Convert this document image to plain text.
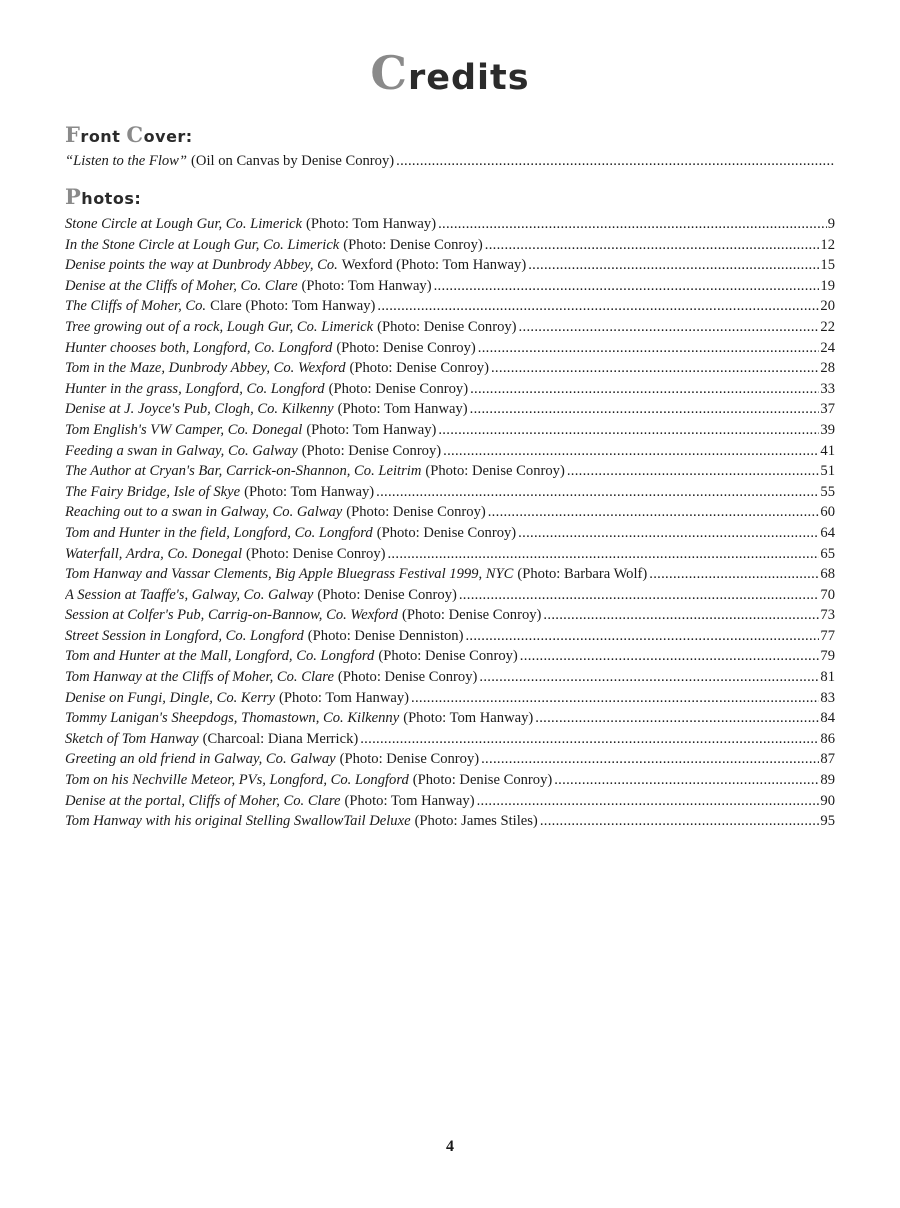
Credits
Front Cover:
“Listen to the Flow” (Oil on Canvas by Denise Conroy)
.....
Photos:
Stone Circle at Lough Gur, Co. Limerick (Photo: Tom Hanway) .....	9
In the Stone Circle at Lough Gur, Co. Limerick (Photo: Denise Conroy) .....	12
Denise points the way at Dunbrody Abbey, Co. Wexford (Photo: Tom Hanway) .....	15
Denise at the Cliffs of Moher, Co. Clare (Photo: Tom Hanway) .....	19
The Cliffs of Moher, Co. Clare (Photo: Tom Hanway) .....	20
Tree growing out of a rock, Lough Gur, Co. Limerick (Photo: Denise Conroy) .....	22
Hunter chooses both, Longford, Co. Longford (Photo: Denise Conroy) .....	24
Tom in the Maze, Dunbrody Abbey, Co. Wexford (Photo: Denise Conroy) .....	28
Hunter in the grass, Longford, Co. Longford (Photo: Denise Conroy) .....	33
Denise at J. Joyce's Pub, Clogh, Co. Kilkenny (Photo: Tom Hanway) .....	37
Tom English's VW Camper, Co. Donegal (Photo: Tom Hanway) .....	39
Feeding a swan in Galway, Co. Galway (Photo: Denise Conroy) .....	41
The Author at Cryan's Bar, Carrick-on-Shannon, Co. Leitrim (Photo: Denise Conroy) .....	51
The Fairy Bridge, Isle of Skye (Photo: Tom Hanway) .....	55
Reaching out to a swan in Galway, Co. Galway (Photo: Denise Conroy) .....	60
Tom and Hunter in the field, Longford, Co. Longford (Photo: Denise Conroy) .....	64
Waterfall, Ardra, Co. Donegal (Photo: Denise Conroy) .....	65
Tom Hanway and Vassar Clements, Big Apple Bluegrass Festival 1999, NYC (Photo: Barbara Wolf) .....	68
A Session at Taaffe's, Galway, Co. Galway (Photo: Denise Conroy) .....	70
Session at Colfer's Pub, Carrig-on-Bannow, Co. Wexford (Photo: Denise Conroy) .....	73
Street Session in Longford, Co. Longford (Photo: Denise Denniston) .....	77
Tom and Hunter at the Mall, Longford, Co. Longford (Photo: Denise Conroy) .....	79
Tom Hanway at the Cliffs of Moher, Co. Clare (Photo: Denise Conroy) .....	81
Denise on Fungi, Dingle, Co. Kerry (Photo: Tom Hanway) .....	83
Tommy Lanigan's Sheepdogs, Thomastown, Co. Kilkenny (Photo: Tom Hanway) .....	84
Sketch of Tom Hanway (Charcoal: Diana Merrick) .....	86
Greeting an old friend in Galway, Co. Galway (Photo: Denise Conroy) .....	87
Tom on his Nechville Meteor, PVs, Longford, Co. Longford (Photo: Denise Conroy) .....	89
Denise at the portal, Cliffs of Moher, Co. Clare (Photo: Tom Hanway) .....	90
Tom Hanway with his original Stelling SwallowTail Deluxe (Photo: James Stiles) .....	95
4
